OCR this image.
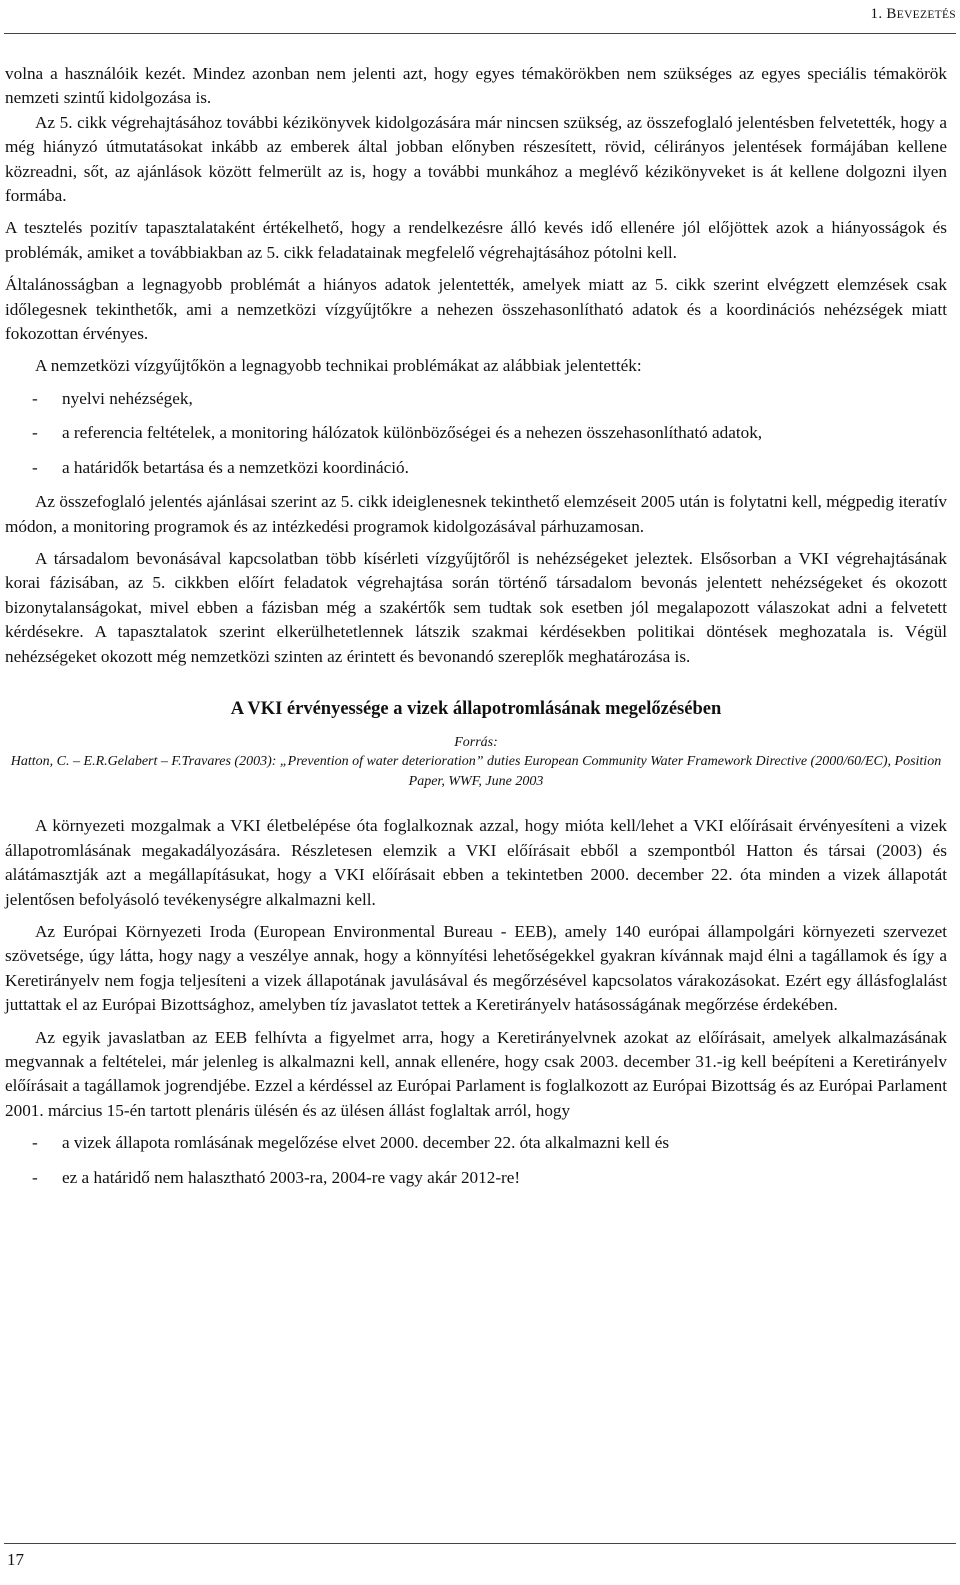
1. BEVEZETÉS

volna a használóik kezét. Mindez azonban nem jelenti azt, hogy egyes témakörökben nem szükséges az egyes speciális témakörök nemzeti szintű kidolgozása is.

Az 5. cikk végrehajtásához további kézikönyvek kidolgozására már nincsen szükség, az összefoglaló jelentésben felvetették, hogy a még hiányzó útmutatásokat inkább az emberek által jobban előnyben részesített, rövid, célirányos jelentések formájában kellene közreadni, sőt, az ajánlások között felmerült az is, hogy a további munkához a meglévő kézikönyveket is át kellene dolgozni ilyen formába.

A tesztelés pozitív tapasztalataként értékelhető, hogy a rendelkezésre álló kevés idő ellenére jól előjöttek azok a hiányosságok és problémák, amiket a továbbiakban az 5. cikk feladatainak megfelelő végrehajtásához pótolni kell.

Általánosságban a legnagyobb problémát a hiányos adatok jelentették, amelyek miatt az 5. cikk szerint elvégzett elemzések csak időlegesnek tekinthetők, ami a nemzetközi vízgyűjtőkre a nehezen összehasonlítható adatok és a koordinációs nehézségek miatt fokozottan érvényes.

A nemzetközi vízgyűjtőkön a legnagyobb technikai problémákat az alábbiak jelentették:

- nyelvi nehézségek,
- a referencia feltételek, a monitoring hálózatok különbözőségei és a nehezen összehasonlítható adatok,
- a határidők betartása és a nemzetközi koordináció.

Az összefoglaló jelentés ajánlásai szerint az 5. cikk ideiglenesnek tekinthető elemzéseit 2005 után is folytatni kell, mégpedig iteratív módon, a monitoring programok és az intézkedési programok kidolgozásával párhuzamosan.

A társadalom bevonásával kapcsolatban több kísérleti vízgyűjtőről is nehézségeket jeleztek. Elsősorban a VKI végrehajtásának korai fázisában, az 5. cikkben előírt feladatok végrehajtása során történő társadalom bevonás jelentett nehézségeket és okozott bizonytalanságokat, mivel ebben a fázisban még a szakértők sem tudtak sok esetben jól megalapozott válaszokat adni a felvetett kérdésekre. A tapasztalatok szerint elkerülhetetlennek látszik szakmai kérdésekben politikai döntések meghozatala is. Végül nehézségeket okozott még nemzetközi szinten az érintett és bevonandó szereplők meghatározása is.

A VKI érvényessége a vizek állapotromlásának megelőzésében
Forrás:
Hatton, C. – E.R.Gelabert – F.Travares (2003): „Prevention of water deterioration” duties European Community Water Framework Directive (2000/60/EC), Position Paper, WWF, June 2003

A környezeti mozgalmak a VKI életbelépése óta foglalkoznak azzal, hogy mióta kell/lehet a VKI előírásait érvényesíteni a vizek állapotromlásának megakadályozására. Részletesen elemzik a VKI előírásait ebből a szempontból Hatton és társai (2003) és alátámasztják azt a megállapításukat, hogy a VKI előírásait ebben a tekintetben 2000. december 22. óta minden a vizek állapotát jelentősen befolyásoló tevékenységre alkalmazni kell.

Az Európai Környezeti Iroda (European Environmental Bureau - EEB), amely 140 európai állampolgári környezeti szervezet szövetsége, úgy látta, hogy nagy a veszélye annak, hogy a könnyítési lehetőségekkel gyakran kívánnak majd élni a tagállamok és így a Keretirányelv nem fogja teljesíteni a vizek állapotának javulásával és megőrzésével kapcsolatos várakozásokat. Ezért egy állásfoglalást juttattak el az Európai Bizottsághoz, amelyben tíz javaslatot tettek a Keretirányelv hatásosságának megőrzése érdekében.

Az egyik javaslatban az EEB felhívta a figyelmet arra, hogy a Keretirányelvnek azokat az előírásait, amelyek alkalmazásának megvannak a feltételei, már jelenleg is alkalmazni kell, annak ellenére, hogy csak 2003. december 31.-ig kell beépíteni a Keretirányelv előírásait a tagállamok jogrendjébe. Ezzel a kérdéssel az Európai Parlament is foglalkozott az Európai Bizottság és az Európai Parlament 2001. március 15-én tartott plenáris ülésén és az ülésen állást foglaltak arról, hogy

- a vizek állapota romlásának megelőzése elvet 2000. december 22. óta alkalmazni kell és
- ez a határidő nem halasztható 2003-ra, 2004-re vagy akár 2012-re!
17
